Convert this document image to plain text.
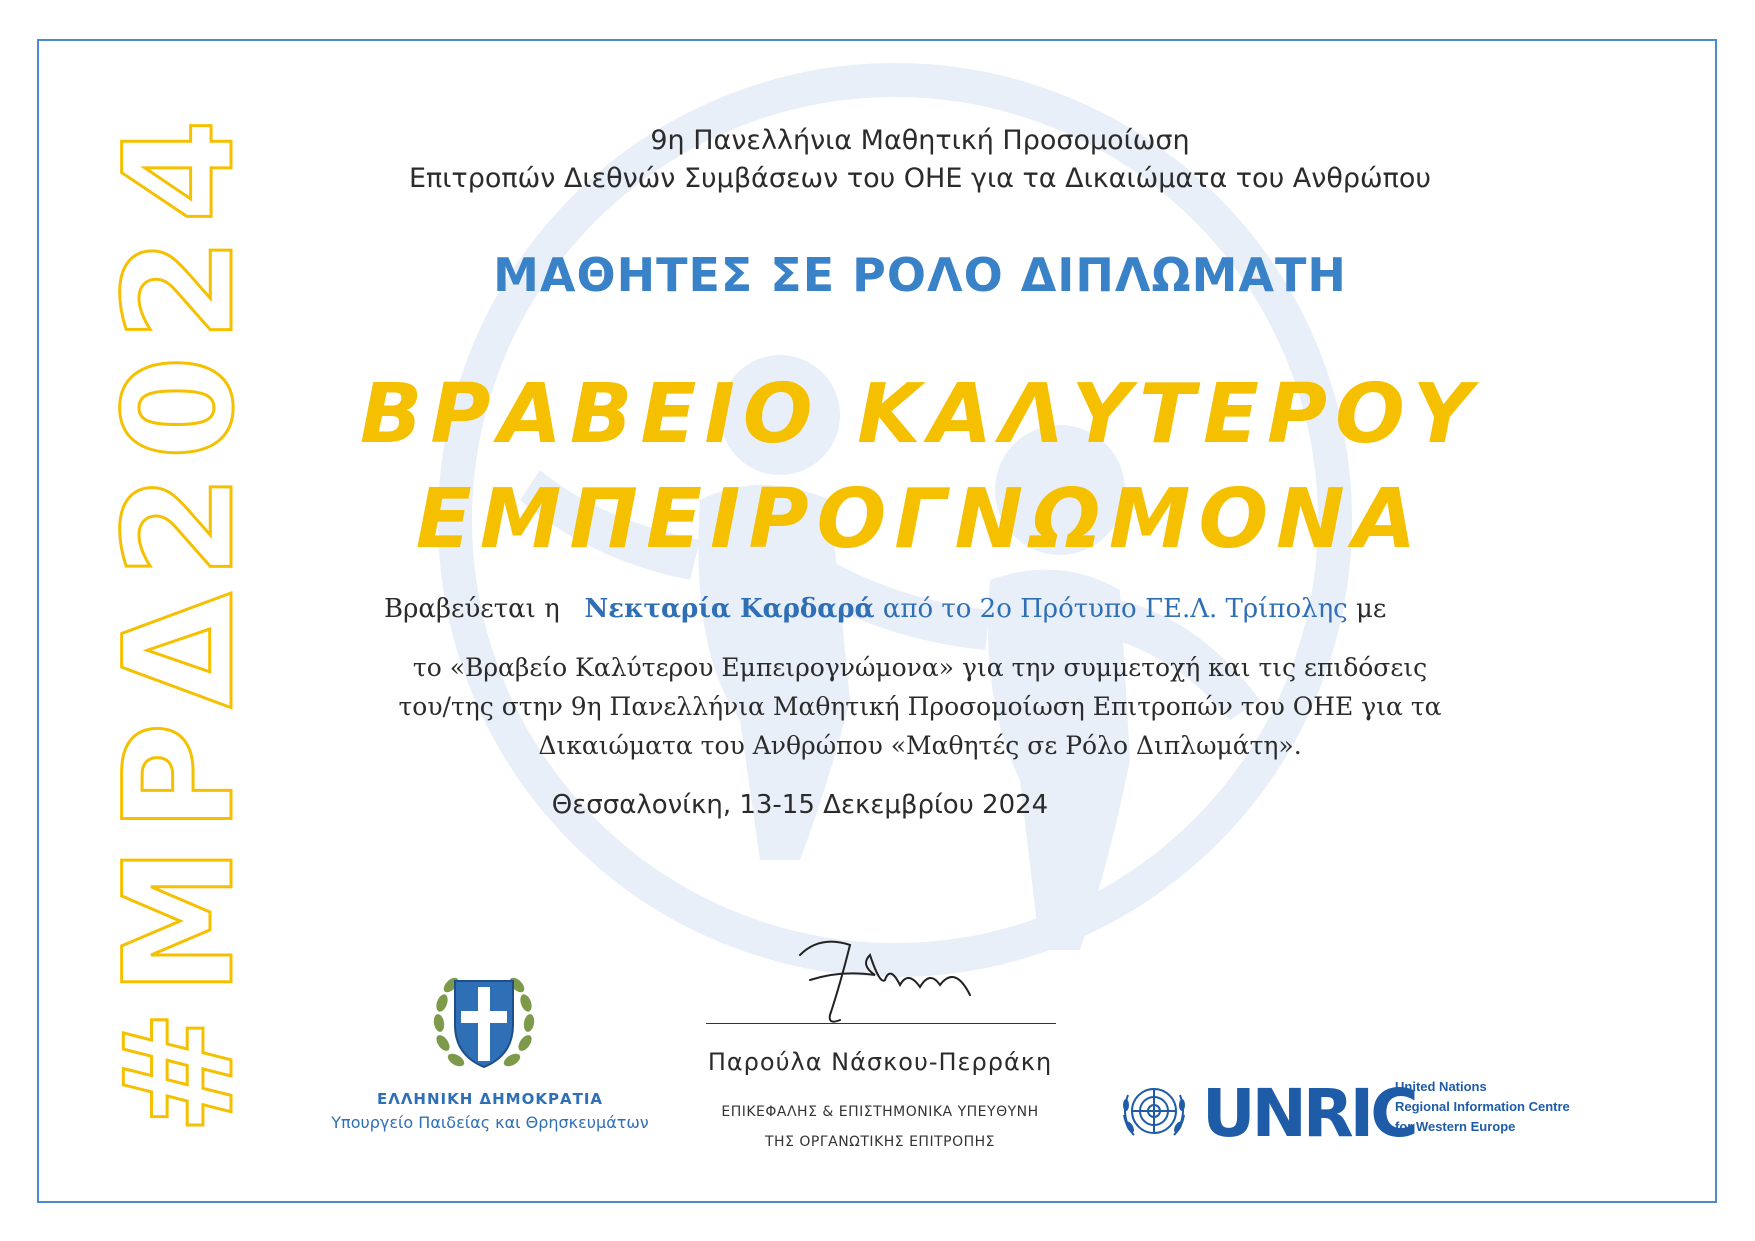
#ΜΡΔ2024	9η Πανελλήνια Μαθητική Προσομοίωση
Επιτροπών Διεθνών Συμβάσεων του ΟΗΕ για τα Δικαιώματα του Ανθρώπου
ΜΑΘΗΤΕΣ ΣΕ ΡΟΛΟ ΔΙΠΛΩΜΑΤΗ
ΒΡΑΒΕΙΟ ΚΑΛΥΤΕΡΟΥ
ΕΜΠΕΙΡΟΓΝΩΜΟΝΑ
Βραβεύεται η Νεκταρία Καρδαρά από το 2ο Πρότυπο ΓΕ.Λ. Τρίπολης με
το «Βραβείο Καλύτερου Εμπειρογνώμονα» για την συμμετοχή και τις επιδόσεις
του/της στην 9η Πανελλήνια Μαθητική Προσομοίωση Επιτροπών του ΟΗΕ για τα
Δικαιώματα του Ανθρώπου «Μαθητές σε Ρόλο Διπλωμάτη».
Θεσσαλονίκη, 13-15 Δεκεμβρίου 2024
ΕΛΛΗΝΙΚΗ ΔΗΜΟΚΡΑΤΙΑ
Υπουργείο Παιδείας και Θρησκευμάτων
Παρούλα Νάσκου-Περράκη
ΕΠΙΚΕΦΑΛΗΣ & ΕΠΙΣΤΗΜΟΝΙΚΑ ΥΠΕΥΘΥΝΗ
ΤΗΣ ΟΡΓΑΝΩΤΙΚΗΣ ΕΠΙΤΡΟΠΗΣ	UNRIC
United Nations
Regional Information Centre
for Western Europe
